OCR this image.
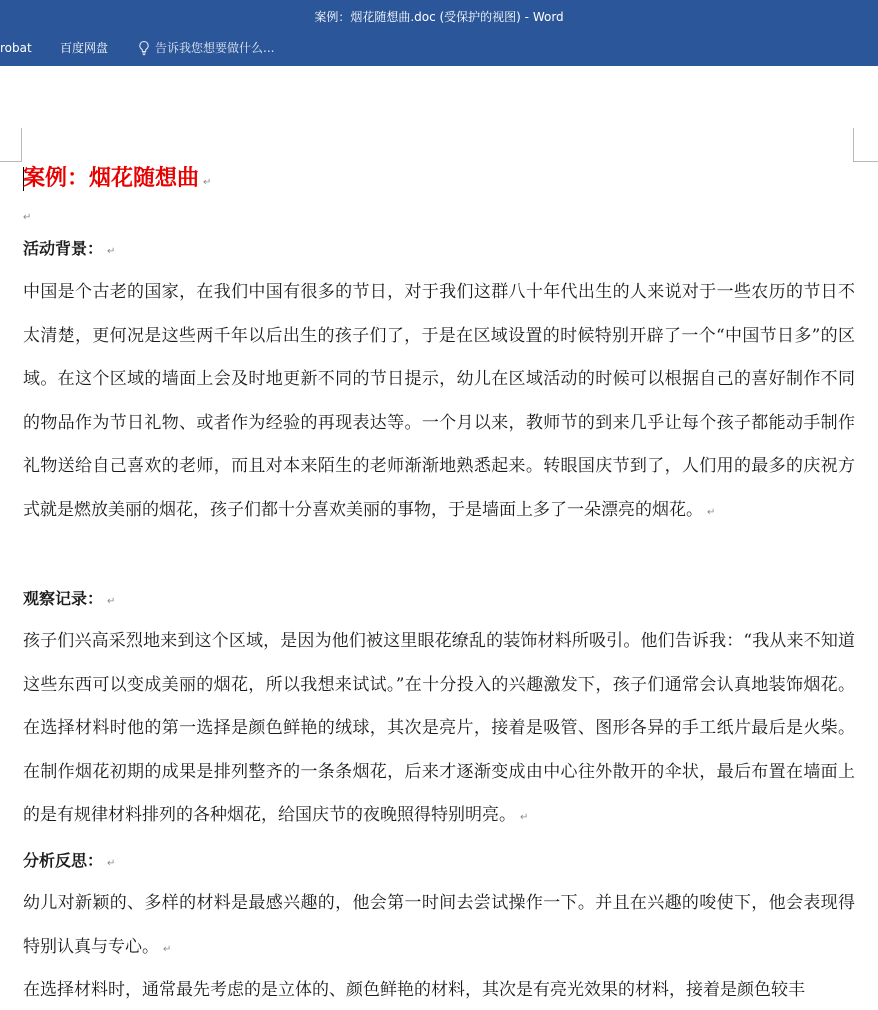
案例：烟花随想曲.doc (受保护的视图) - Word
robat 百度网盘	告诉我您想要做什么...
案例：烟花随想曲 ↵
↵
活动背景： ↵

中国是个古老的国家，在我们中国有很多的节日，对于我们这群八十年代出生的人来说对于一些农历的节日不太清楚，更何况是这些两千年以后出生的孩子们了，于是在区域设置的时候特别开辟了一个“中国节日多”的区域。在这个区域的墙面上会及时地更新不同的节日提示，幼儿在区域活动的时候可以根据自己的喜好制作不同的物品作为节日礼物、或者作为经验的再现表达等。一个月以来，教师节的到来几乎让每个孩子都能动手制作礼物送给自己喜欢的老师，而且对本来陌生的老师渐渐地熟悉起来。转眼国庆节到了，人们用的最多的庆祝方式就是燃放美丽的烟花，孩子们都十分喜欢美丽的事物，于是墙面上多了一朵漂亮的烟花。 ↵

观察记录： ↵

孩子们兴高采烈地来到这个区域，是因为他们被这里眼花缭乱的装饰材料所吸引。他们告诉我：“我从来不知道这些东西可以变成美丽的烟花，所以我想来试试。”在十分投入的兴趣激发下，孩子们通常会认真地装饰烟花。在选择材料时他的第一选择是颜色鲜艳的绒球，其次是亮片，接着是吸管、图形各异的手工纸片最后是火柴。在制作烟花初期的成果是排列整齐的一条条烟花，后来才逐渐变成由中心往外散开的伞状，最后布置在墙面上的是有规律材料排列的各种烟花，给国庆节的夜晚照得特别明亮。 ↵

分析反思： ↵

幼儿对新颖的、多样的材料是最感兴趣的，他会第一时间去尝试操作一下。并且在兴趣的唆使下，他会表现得特别认真与专心。 ↵

在选择材料时，通常最先考虑的是立体的、颜色鲜艳的材料，其次是有亮光效果的材料，接着是颜色较丰
